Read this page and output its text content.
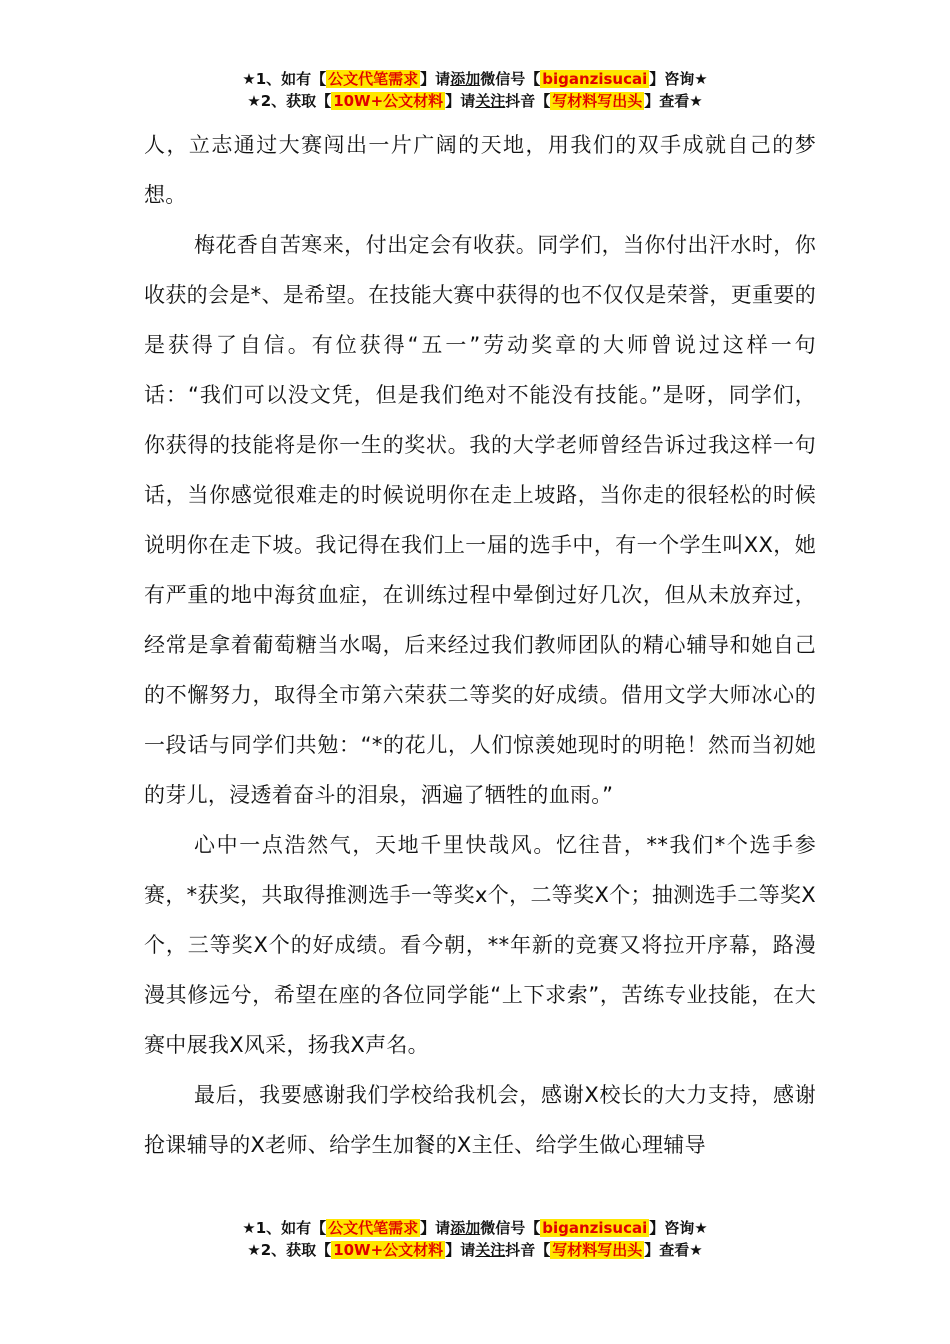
★1、如有【 公文代笔需求 】请添加微信号【 biganzisucai 】咨询★
★2、获取【 10W+公文材料 】请关注抖音【 写材料写出头 】查看★

人，立志通过大赛闯出一片广阔的天地，用我们的双手成就自己的梦想。

梅花香自苦寒来，付出定会有收获。同学们，当你付出汗水时，你收获的会是*、是希望。在技能大赛中获得的也不仅仅是荣誉，更重要的是获得了自信。有位获得“五一”劳动奖章的大师曾说过这样一句话：“我们可以没文凭，但是我们绝对不能没有技能。”是呀，同学们，你获得的技能将是你一生的奖状。我的大学老师曾经告诉过我这样一句话，当你感觉很难走的时候说明你在走上坡路，当你走的很轻松的时候说明你在走下坡。我记得在我们上一届的选手中，有一个学生叫XX，她有严重的地中海贫血症，在训练过程中晕倒过好几次，但从未放弃过，经常是拿着葡萄糖当水喝，后来经过我们教师团队的精心辅导和她自己的不懈努力，取得全市第六荣获二等奖的好成绩。借用文学大师冰心的一段话与同学们共勉：“*的花儿，人们惊羡她现时的明艳！然而当初她的芽儿，浸透着奋斗的泪泉，洒遍了牺牲的血雨。”

心中一点浩然气，天地千里快哉风。忆往昔，**我们*个选手参赛，*获奖，共取得推测选手一等奖x个，二等奖X个；抽测选手二等奖X个，三等奖X个的好成绩。看今朝，**年新的竞赛又将拉开序幕，路漫漫其修远兮，希望在座的各位同学能“上下求索”，苦练专业技能，在大赛中展我X风采，扬我X声名。

最后，我要感谢我们学校给我机会，感谢X校长的大力支持，感谢抢课辅导的X老师、给学生加餐的X主任、给学生做心理辅导

★1、如有【 公文代笔需求 】请添加微信号【 biganzisucai 】咨询★
★2、获取【 10W+公文材料 】请关注抖音【 写材料写出头 】查看★
